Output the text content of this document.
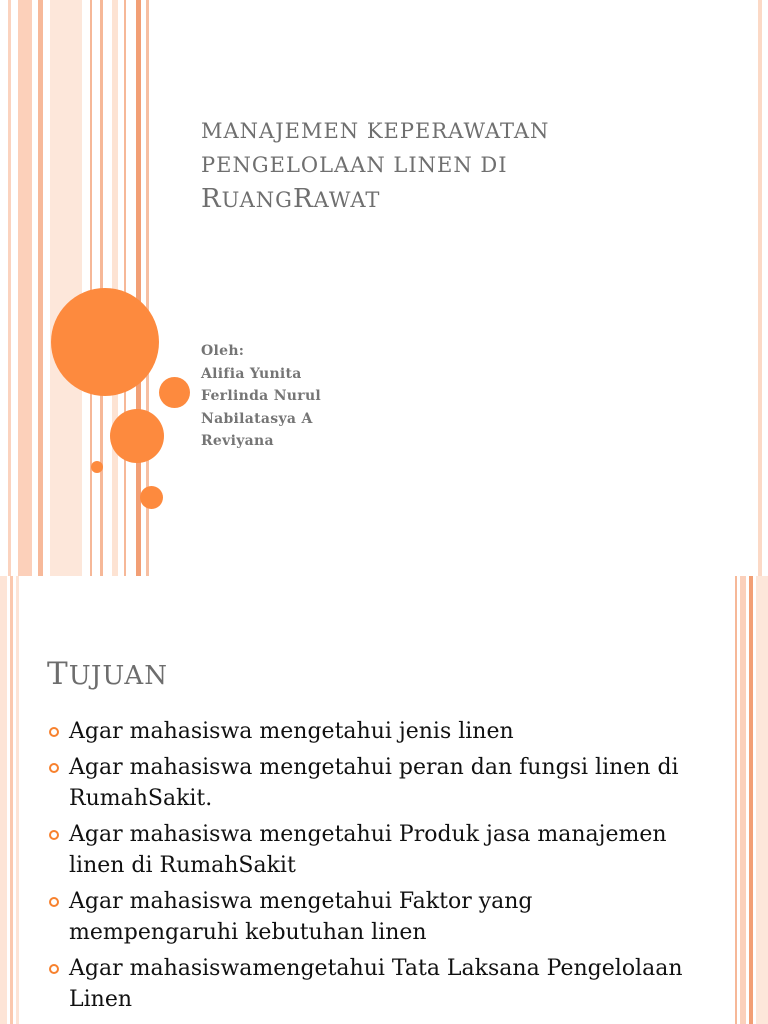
MANAJEMEN KEPERAWATAN
PENGELOLAAN LINEN DI
RUANGRAWAT
Oleh:
Alifia Yunita
Ferlinda Nurul
Nabilatasya A
Reviyana
TUJUAN
Agar mahasiswa mengetahui jenis linen
Agar mahasiswa mengetahui peran dan fungsi linen di RumahSakit.
Agar mahasiswa mengetahui Produk jasa manajemen linen di RumahSakit
Agar mahasiswa mengetahui Faktor yang mempengaruhi kebutuhan linen
Agar mahasiswamengetahui Tata Laksana Pengelolaan Linen
